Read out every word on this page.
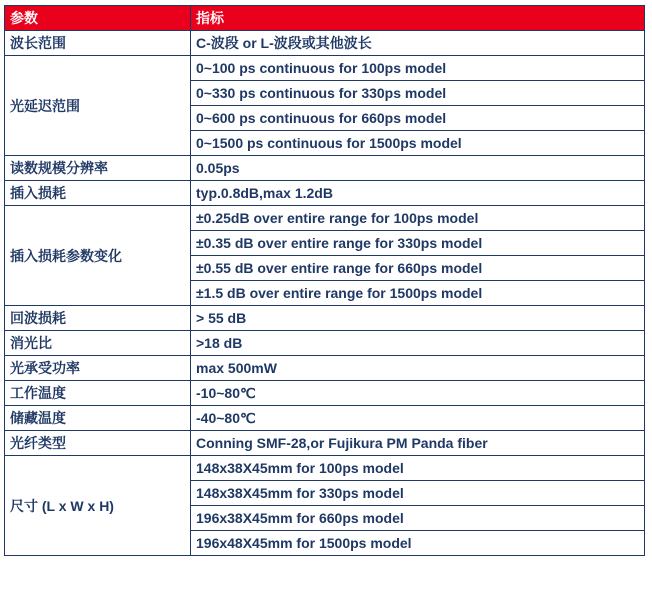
参数	指标
波长范围	C-波段 or L-波段或其他波长
光延迟范围	0~100 ps continuous for 100ps model
	0~330 ps continuous for 330ps model
	0~600 ps continuous for 660ps model
	0~1500 ps continuous for 1500ps model
读数规模分辨率	0.05ps
插入损耗	typ.0.8dB,max 1.2dB
插入损耗参数变化	±0.25dB over entire range for 100ps model
	±0.35 dB over entire range for 330ps model
	±0.55 dB over entire range for 660ps model
	±1.5 dB over entire range for 1500ps model
回波损耗	> 55 dB
消光比	>18 dB
光承受功率	max 500mW
工作温度	-10~80℃
储藏温度	-40~80℃
光纤类型	Conning SMF-28,or Fujikura PM Panda fiber
尺寸 (L x W x H)	148x38X45mm for 100ps model
	148x38X45mm for 330ps model
	196x38X45mm for 660ps model
	196x48X45mm for 1500ps model
